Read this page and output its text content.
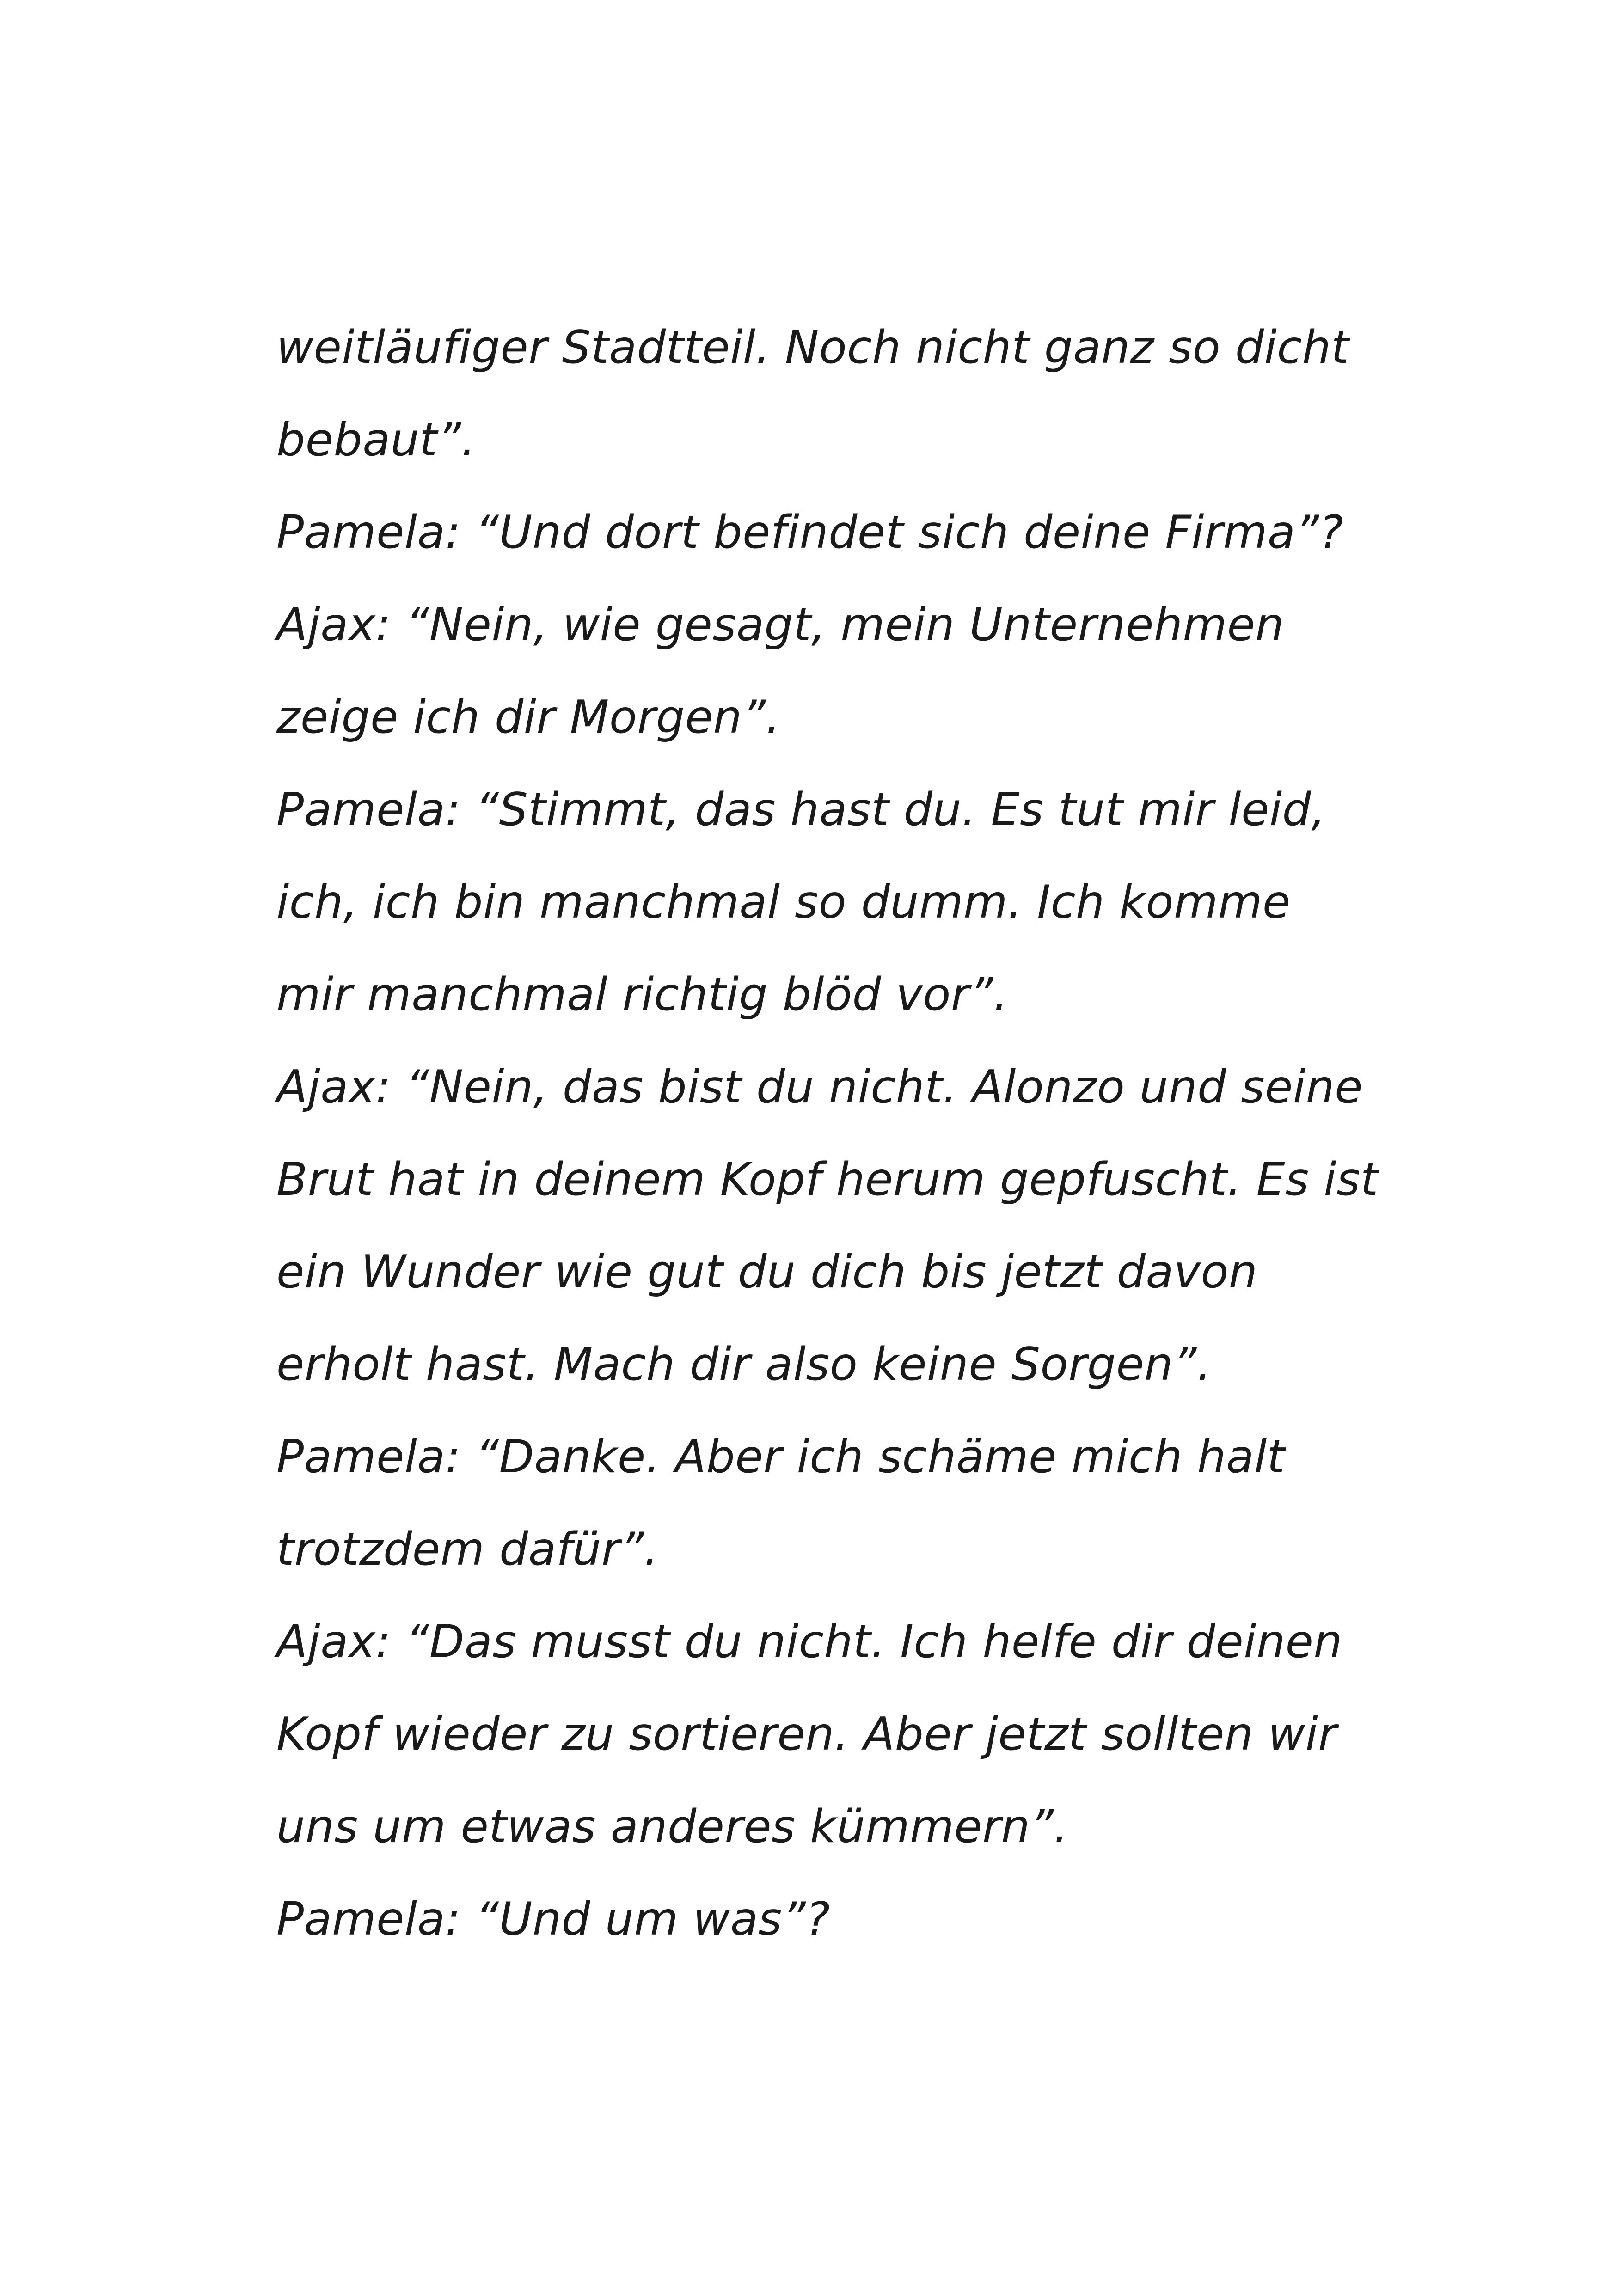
weitläufiger Stadtteil. Noch nicht ganz so dicht

bebaut”.

Pamela: “Und dort befindet sich deine Firma”?

Ajax: “Nein, wie gesagt, mein Unternehmen

zeige ich dir Morgen”.

Pamela: “Stimmt, das hast du. Es tut mir leid,

ich, ich bin manchmal so dumm. Ich komme

mir manchmal richtig blöd vor”.

Ajax: “Nein, das bist du nicht. Alonzo und seine

Brut hat in deinem Kopf herum gepfuscht. Es ist

ein Wunder wie gut du dich bis jetzt davon

erholt hast. Mach dir also keine Sorgen”.

Pamela: “Danke. Aber ich schäme mich halt

trotzdem dafür”.

Ajax: “Das musst du nicht. Ich helfe dir deinen

Kopf wieder zu sortieren. Aber jetzt sollten wir

uns um etwas anderes kümmern”.

Pamela: “Und um was”?
